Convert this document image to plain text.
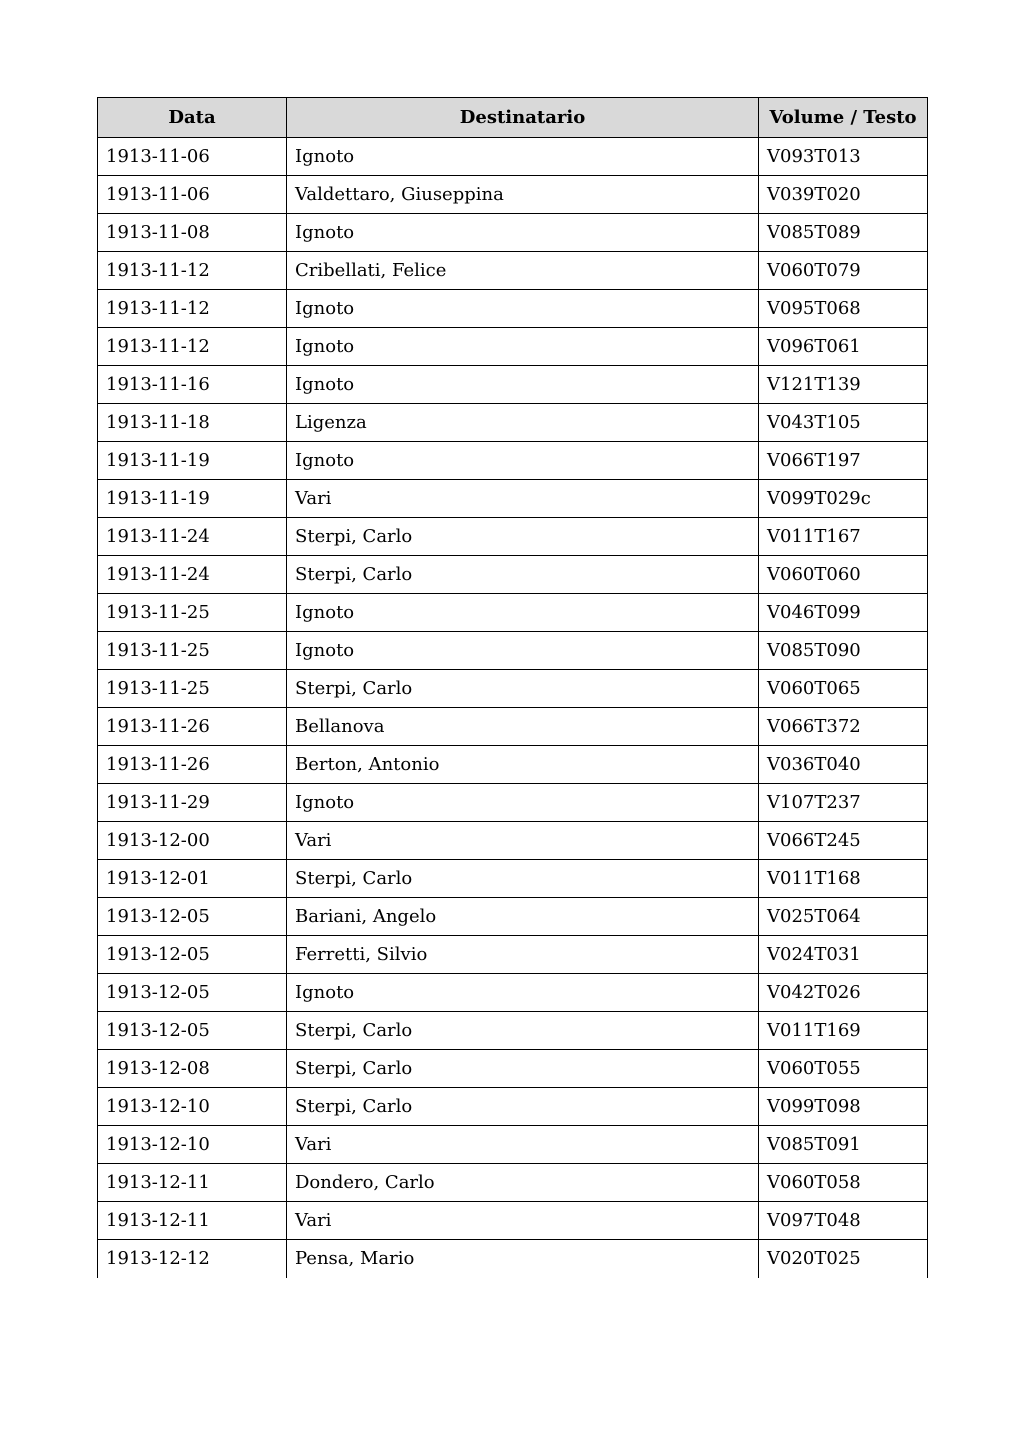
Data	Destinatario	Volume / Testo
1913-11-06	Ignoto	V093T013
1913-11-06	Valdettaro, Giuseppina	V039T020
1913-11-08	Ignoto	V085T089
1913-11-12	Cribellati, Felice	V060T079
1913-11-12	Ignoto	V095T068
1913-11-12	Ignoto	V096T061
1913-11-16	Ignoto	V121T139
1913-11-18	Ligenza	V043T105
1913-11-19	Ignoto	V066T197
1913-11-19	Vari	V099T029c
1913-11-24	Sterpi, Carlo	V011T167
1913-11-24	Sterpi, Carlo	V060T060
1913-11-25	Ignoto	V046T099
1913-11-25	Ignoto	V085T090
1913-11-25	Sterpi, Carlo	V060T065
1913-11-26	Bellanova	V066T372
1913-11-26	Berton, Antonio	V036T040
1913-11-29	Ignoto	V107T237
1913-12-00	Vari	V066T245
1913-12-01	Sterpi, Carlo	V011T168
1913-12-05	Bariani, Angelo	V025T064
1913-12-05	Ferretti, Silvio	V024T031
1913-12-05	Ignoto	V042T026
1913-12-05	Sterpi, Carlo	V011T169
1913-12-08	Sterpi, Carlo	V060T055
1913-12-10	Sterpi, Carlo	V099T098
1913-12-10	Vari	V085T091
1913-12-11	Dondero, Carlo	V060T058
1913-12-11	Vari	V097T048
1913-12-12	Pensa, Mario	V020T025
